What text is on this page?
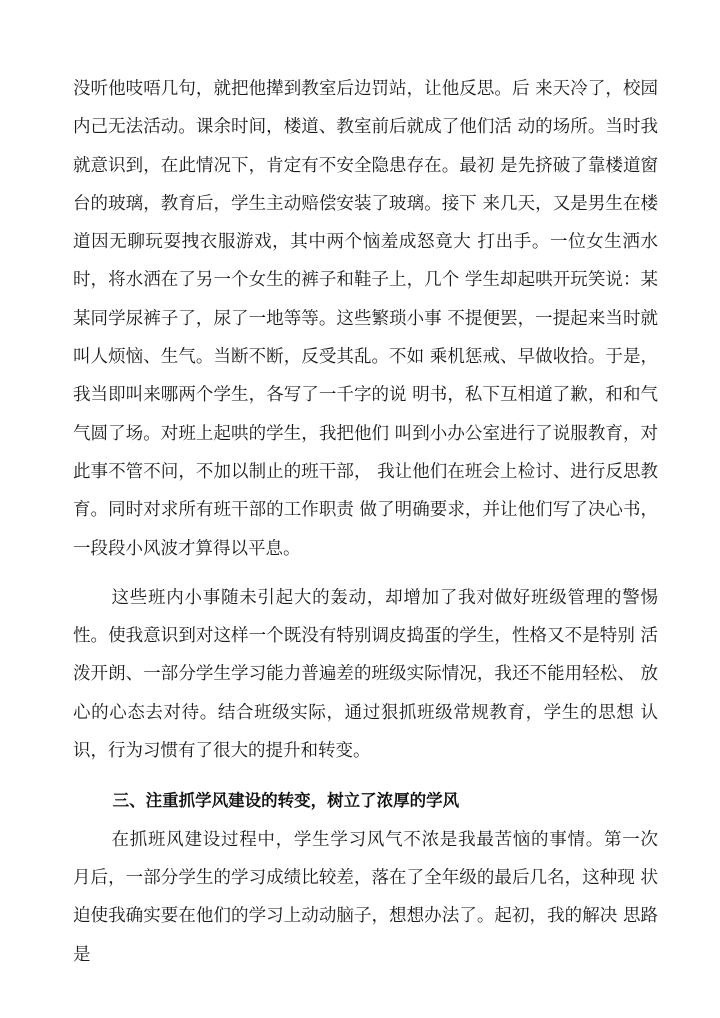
没听他吱唔几句，就把他撵到教室后边罚站，让他反思。后 来天冷了，校园内己无法活动。课余时间，楼道、教室前后就成了他们活 动的场所。当时我就意识到，在此情况下，肯定有不安全隐患存在。最初 是先挤破了靠楼道窗台的玻璃，教育后，学生主动赔偿安装了玻璃。接下 来几天，又是男生在楼道因无聊玩耍拽衣服游戏，其中两个恼羞成怒竟大 打出手。一位女生洒水时，将水洒在了另一个女生的裤子和鞋子上，几个 学生却起哄开玩笑说：某某同学尿裤子了，尿了一地等等。这些繁琐小事 不提便罢，一提起来当时就叫人烦恼、生气。当断不断，反受其乱。不如 乘机惩戒、早做收拾。于是，我当即叫来哪两个学生，各写了一千字的说 明书，私下互相道了歉，和和气气圆了场。对班上起哄的学生，我把他们 叫到小办公室进行了说服教育，对此事不管不问，不加以制止的班干部， 我让他们在班会上检讨、进行反思教育。同时对求所有班干部的工作职责 做了明确要求，并让他们写了决心书，一段段小风波才算得以平息。

这些班内小事随未引起大的轰动，却增加了我对做好班级管理的警惕 性。使我意识到对这样一个既没有特别调皮捣蛋的学生，性格又不是特别 活泼开朗、一部分学生学习能力普遍差的班级实际情况，我还不能用轻松、 放心的心态去对待。结合班级实际，通过狠抓班级常规教育，学生的思想 认识，行为习惯有了很大的提升和转变。

三、注重抓学风建设的转变，树立了浓厚的学风

在抓班风建设过程中，学生学习风气不浓是我最苦恼的事情。第一次 月后，一部分学生的学习成绩比较差，落在了全年级的最后几名，这种现 状迫使我确实要在他们的学习上动动脑子，想想办法了。起初，我的解决 思路是
